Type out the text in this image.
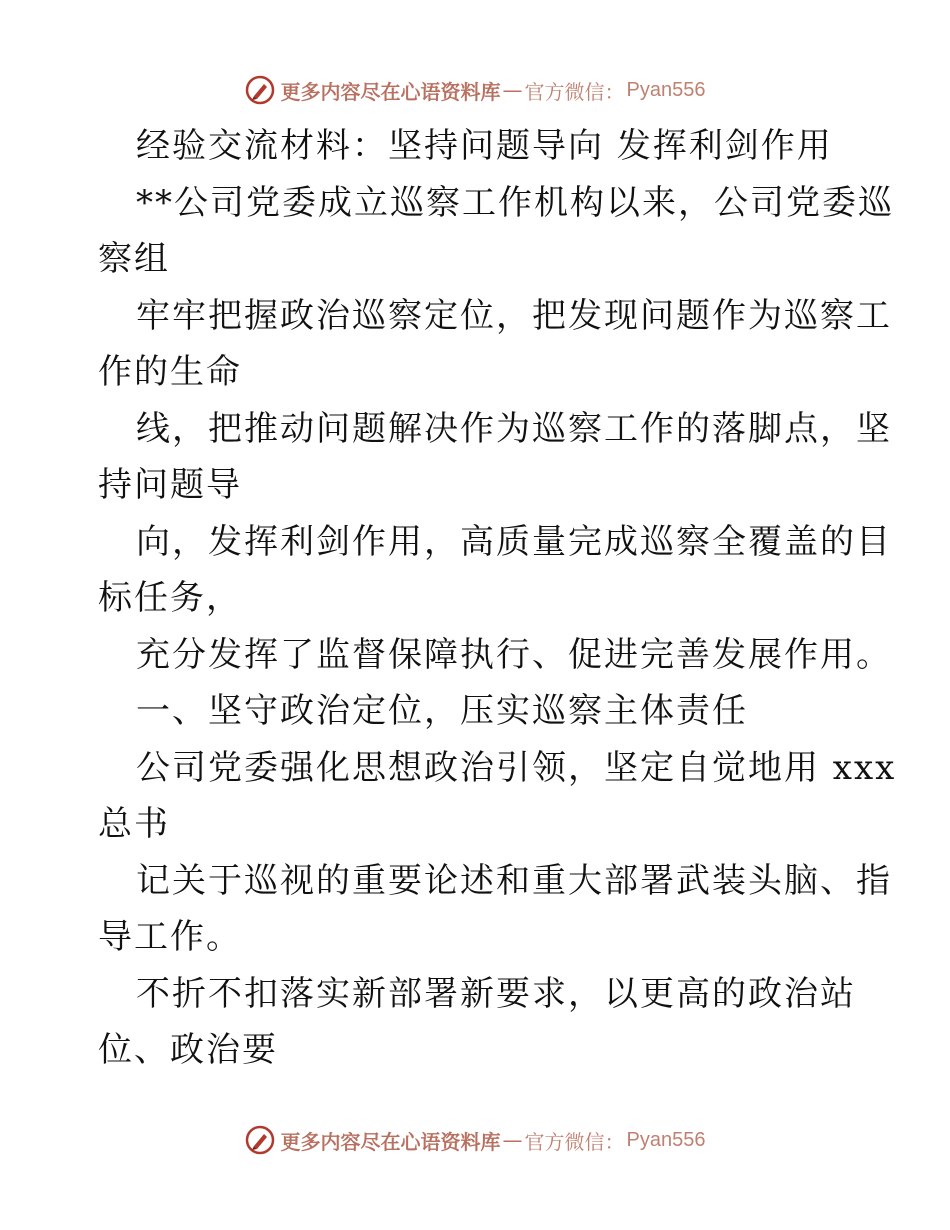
更多内容尽在心语资料库 — 官方微信： Pyan556
经验交流材料：坚持问题导向 发挥利剑作用
**公司党委成立巡察工作机构以来，公司党委巡
察组
牢牢把握政治巡察定位，把发现问题作为巡察工
作的生命
线，把推动问题解决作为巡察工作的落脚点，坚
持问题导
向，发挥利剑作用，高质量完成巡察全覆盖的目
标任务，
充分发挥了监督保障执行、促进完善发展作用。
一、坚守政治定位，压实巡察主体责任
公司党委强化思想政治引领，坚定自觉地用 xxx
总书
记关于巡视的重要论述和重大部署武装头脑、指
导工作。
不折不扣落实新部署新要求，以更高的政治站
位、政治要
更多内容尽在心语资料库 — 官方微信： Pyan556
